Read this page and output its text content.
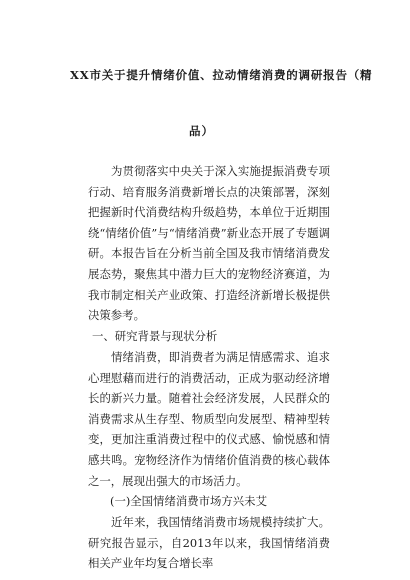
XX市关于提升情绪价值、拉动情绪消费的调研报告（精
品）
为贯彻落实中央关于深入实施提振消费专项行动、培育服务消费新增长点的决策部署，深刻把握新时代消费结构升级趋势，本单位于近期围绕“情绪价值”与“情绪消费”新业态开展了专题调研。本报告旨在分析当前全国及我市情绪消费发展态势，聚焦其中潜力巨大的宠物经济赛道，为我市制定相关产业政策、打造经济新增长极提供决策参考。
一、研究背景与现状分析
情绪消费，即消费者为满足情感需求、追求心理慰藉而进行的消费活动，正成为驱动经济增长的新兴力量。随着社会经济发展，人民群众的消费需求从生存型、物质型向发展型、精神型转变，更加注重消费过程中的仪式感、愉悦感和情感共鸣。宠物经济作为情绪价值消费的核心载体之一，展现出强大的市场活力。
(一)全国情绪消费市场方兴未艾
近年来，我国情绪消费市场规模持续扩大。研究报告显示，自2013年以来，我国情绪消费相关产业年均复合增长率
